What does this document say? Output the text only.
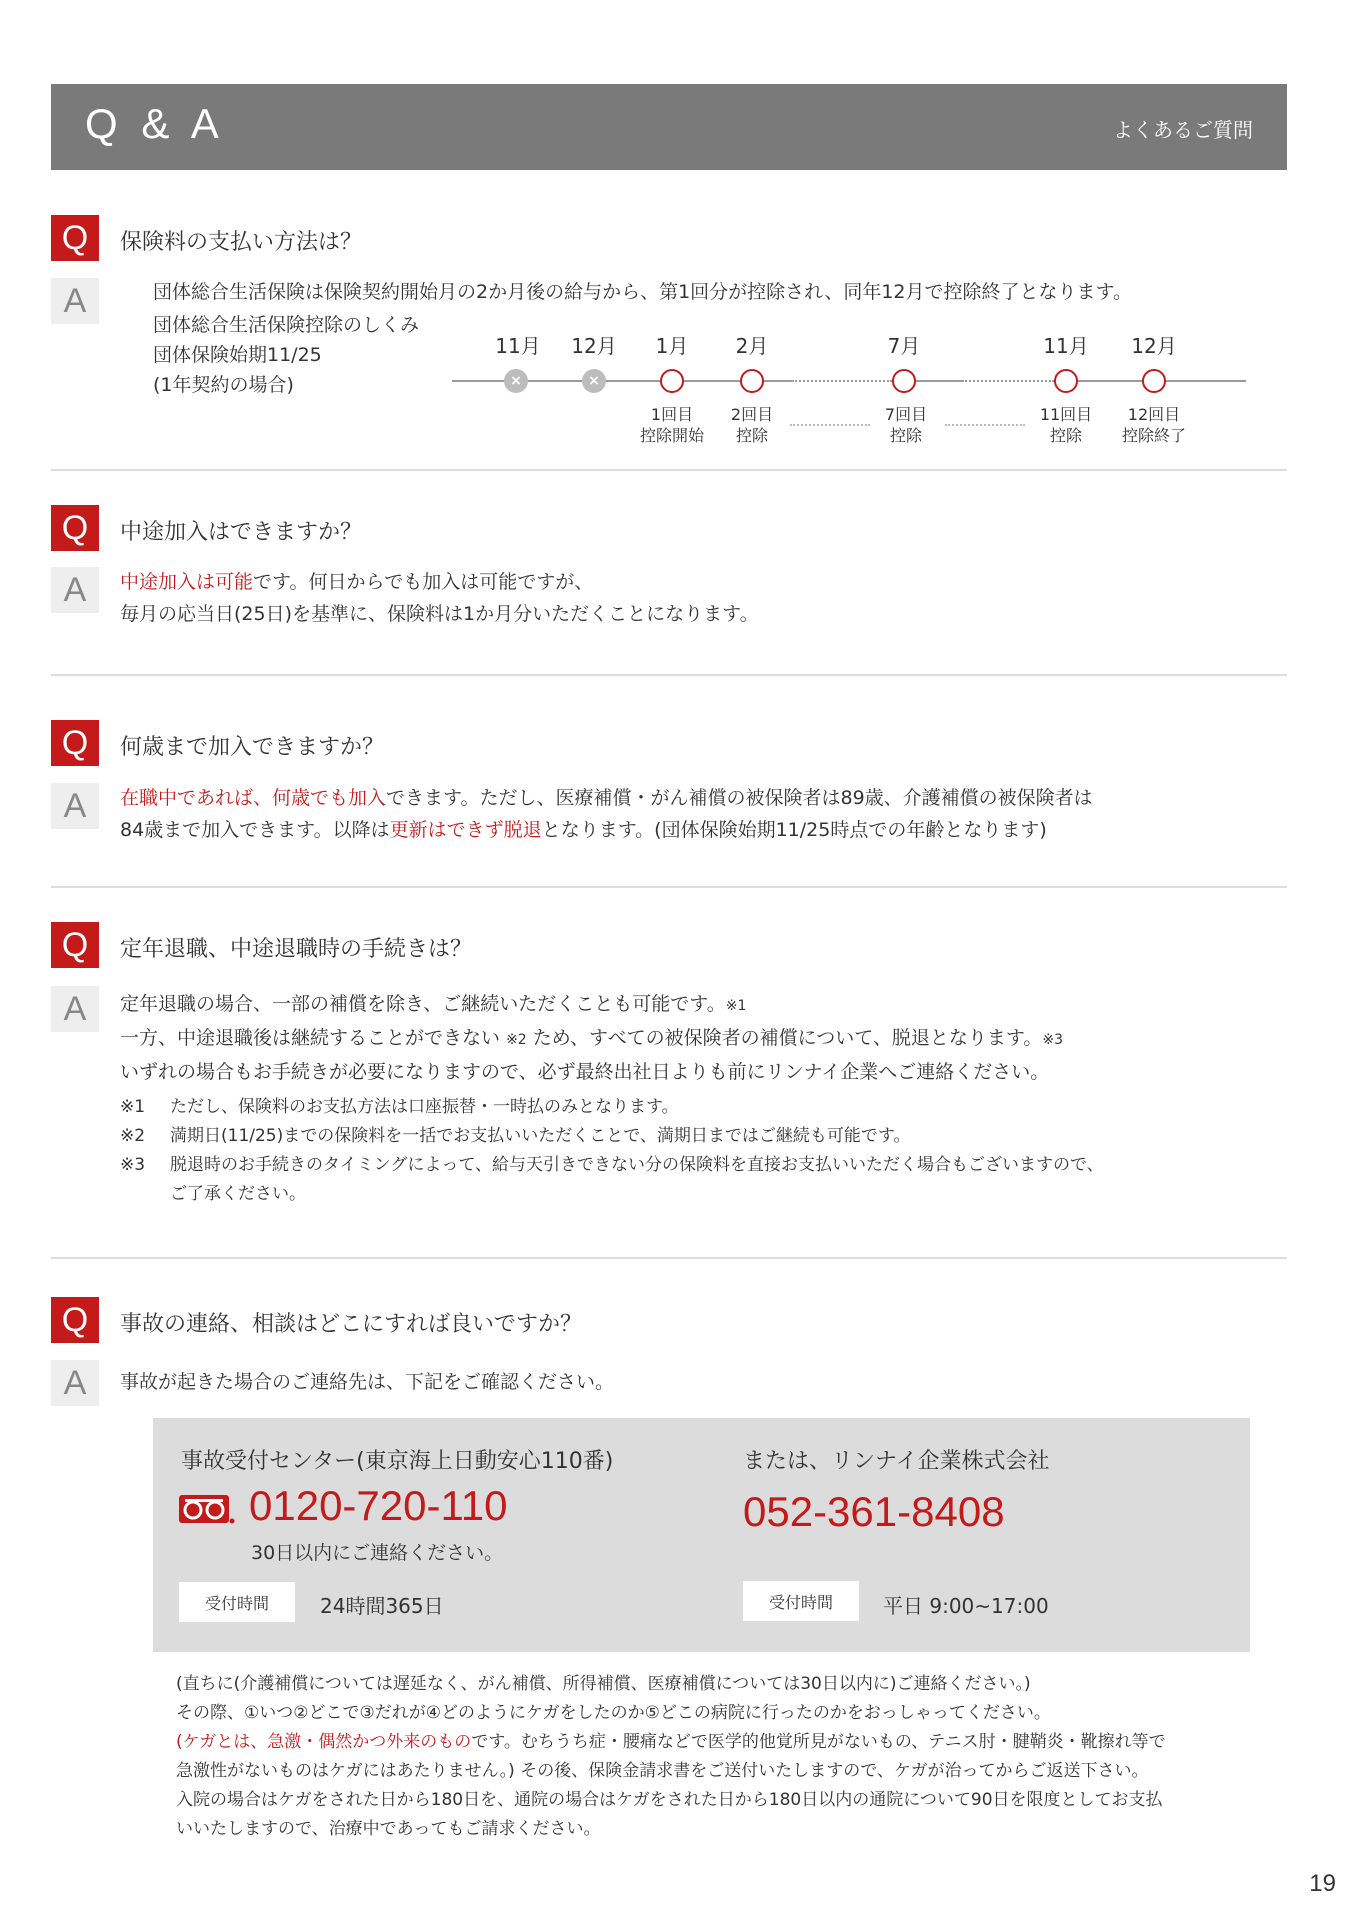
Q & A	よくあるご質問
Q	保険料の支払い方法は？
A	団体総合生活保険は保険契約開始月の2か月後の給与から、第1回分が控除され、同年12月で控除終了となります。
団体総合生活保険控除のしくみ
団体保険始期11/25
(1年契約の場合)
11月 12月 1月 2月	7月	11月 12月
×	×
1回目
控除開始
2回目
控除
7回目
控除
11回目
控除
12回目
控除終了
Q	中途加入はできますか？
A	中途加入は可能です。何日からでも加入は可能ですが、
毎月の応当日(25日)を基準に、保険料は1か月分いただくことになります。
Q	何歳まで加入できますか？
A	在職中であれば、何歳でも加入できます。ただし、医療補償・がん補償の被保険者は89歳、介護補償の被保険者は
84歳まで加入できます。以降は更新はできず脱退となります。(団体保険始期11/25時点での年齢となります)
Q	定年退職、中途退職時の手続きは？
A	定年退職の場合、一部の補償を除き、ご継続いただくことも可能です。※1
一方、中途退職後は継続することができない ※2 ため、すべての被保険者の補償について、脱退となります。※3
いずれの場合もお手続きが必要になりますので、必ず最終出社日よりも前にリンナイ企業へご連絡ください。
※1 ただし、保険料のお支払方法は口座振替・一時払のみとなります。
※2 満期日(11/25)までの保険料を一括でお支払いいただくことで、満期日まではご継続も可能です。
※3 脱退時のお手続きのタイミングによって、給与天引きできない分の保険料を直接お支払いいただく場合もございますので、
ご了承ください。
Q	事故の連絡、相談はどこにすれば良いですか？
A	事故が起きた場合のご連絡先は、下記をご確認ください。
事故受付センター(東京海上日動安心110番)
0120-720-110
30日以内にご連絡ください。
受付時間	24時間365日
または、リンナイ企業株式会社
052-361-8408
受付時間	平日 9:00~17:00
(直ちに(介護補償については遅延なく、がん補償、所得補償、医療補償については30日以内に)ご連絡ください。)
その際、①いつ②どこで③だれが④どのようにケガをしたのか⑤どこの病院に行ったのかをおっしゃってください。
(ケガとは、急激・偶然かつ外来のものです。むちうち症・腰痛などで医学的他覚所見がないもの、テニス肘・腱鞘炎・靴擦れ等で
急激性がないものはケガにはあたりません。) その後、保険金請求書をご送付いたしますので、ケガが治ってからご返送下さい。
入院の場合はケガをされた日から180日を、通院の場合はケガをされた日から180日以内の通院について90日を限度としてお支払
いいたしますので、治療中であってもご請求ください。
19
